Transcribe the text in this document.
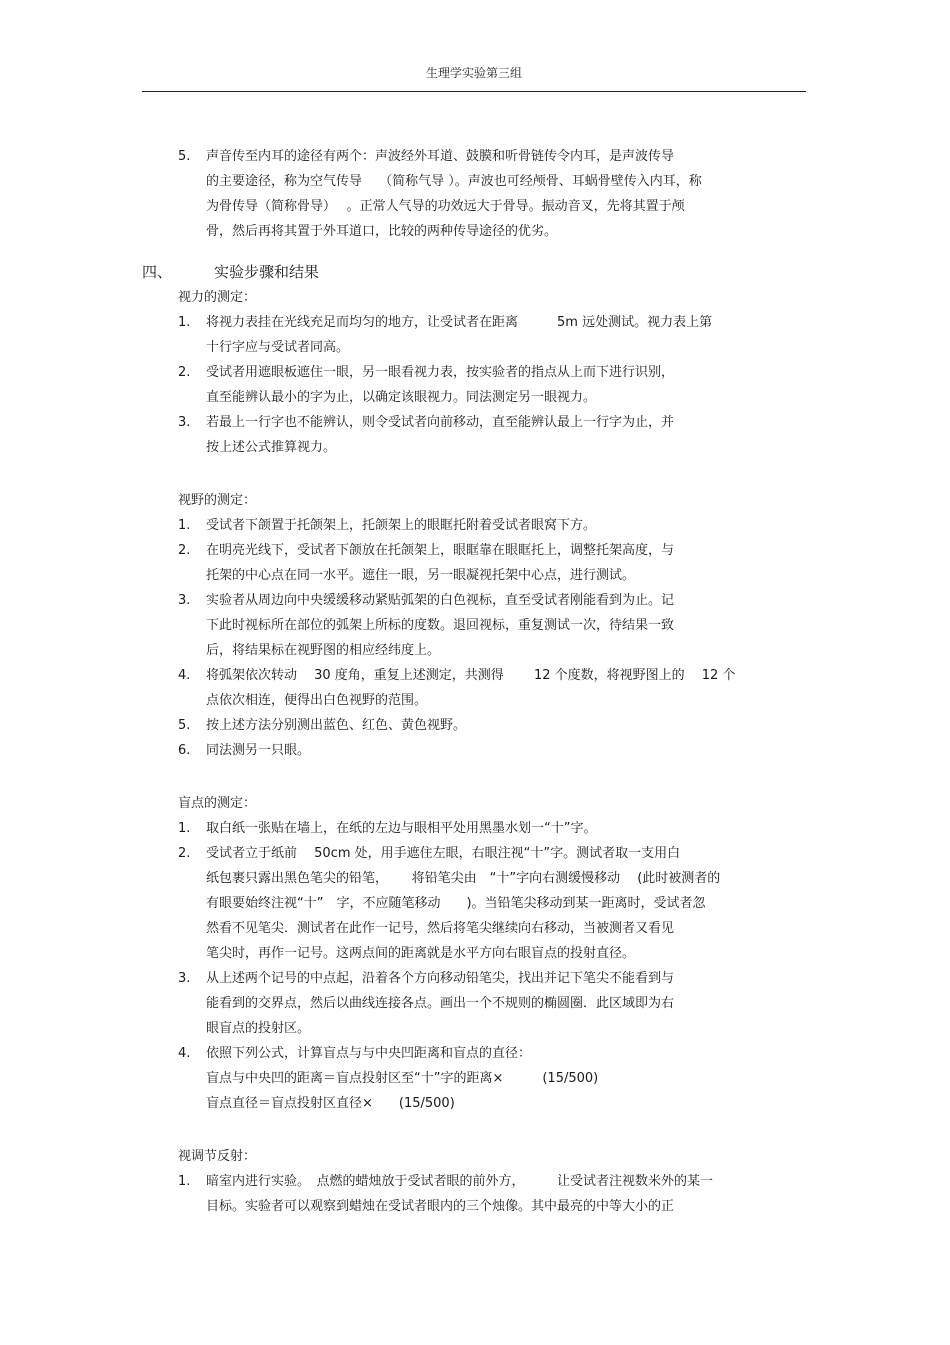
生理学实验第三组
5. 声音传至内耳的途径有两个：声波经外耳道、鼓膜和听骨链传令内耳，是声波传导
的主要途径，称为空气传导　 （简称气导 ）。声波也可经颅骨、耳蜗骨壁传入内耳，称
为骨传导（简称骨导）　 。正常人气导的功效远大于骨导。振动音叉，先将其置于颅
骨，然后再将其置于外耳道口，比较的两种传导途径的优劣。
四、	实验步骤和结果
视力的测定：
1. 将视力表挂在光线充足而均匀的地方，让受试者在距离　　　5m 远处测试。视力表上第
十行字应与受试者同高。
2. 受试者用遮眼板遮住一眼，另一眼看视力表，按实验者的指点从上而下进行识别，
直至能辨认最小的字为止，以确定该眼视力。同法测定另一眼视力。
3. 若最上一行字也不能辨认，则令受试者向前移动，直至能辨认最上一行字为止，并
按上述公式推算视力。
视野的测定：
1. 受试者下颌置于托颌架上，托颌架上的眼眶托附着受试者眼窝下方。
2. 在明亮光线下，受试者下颌放在托颌架上，眼眶靠在眼眶托上，调整托架高度，与
托架的中心点在同一水平。遮住一眼，另一眼凝视托架中心点，进行测试。
3. 实验者从周边向中央缓缓移动紧贴弧架的白色视标，直至受试者刚能看到为止。记
下此时视标所在部位的弧架上所标的度数。退回视标，重复测试一次，待结果一致
后，将结果标在视野图的相应经纬度上。
4. 将弧架依次转动　 30 度角，重复上述测定，共测得　　 12 个度数，将视野图上的　 12 个
点依次相连，便得出白色视野的范围。
5. 按上述方法分别测出蓝色、红色、黄色视野。
6. 同法测另一只眼。
盲点的测定：
1. 取白纸一张贴在墙上，在纸的左边与眼相平处用黑墨水划一“十”字。
2. 受试者立于纸前　 50cm 处，用手遮住左眼，右眼注视“十”字。测试者取一支用白
纸包裹只露出黑色笔尖的铅笔，　　 将铅笔尖由　“十”字向右测缓慢移动　 (此时被测者的
有眼要始终注视“十”　字，不应随笔移动　　)。当铅笔尖移动到某一距离时，受试者忽
然看不见笔尖．测试者在此作一记号，然后将笔尖继续向右移动，当被测者又看见
笔尖时，再作一记号。这两点间的距离就是水平方向右眼盲点的投射直径。
3. 从上述两个记号的中点起，沿着各个方向移动铅笔尖，找出并记下笔尖不能看到与
能看到的交界点，然后以曲线连接各点。画出一个不规则的椭圆圈．此区域即为右
眼盲点的投射区。
4. 依照下列公式，计算盲点与与中央凹距离和盲点的直径：
盲点与中央凹的距离＝盲点投射区至“十”字的距离×　　　(15/500)
盲点直径＝盲点投射区直径×　　(15/500)
视调节反射：
1. 暗室内进行实验。　点燃的蜡烛放于受试者眼的前外方，　　　让受试者注视数米外的某一
目标。实验者可以观察到蜡烛在受试者眼内的三个烛像。其中最亮的中等大小的正
